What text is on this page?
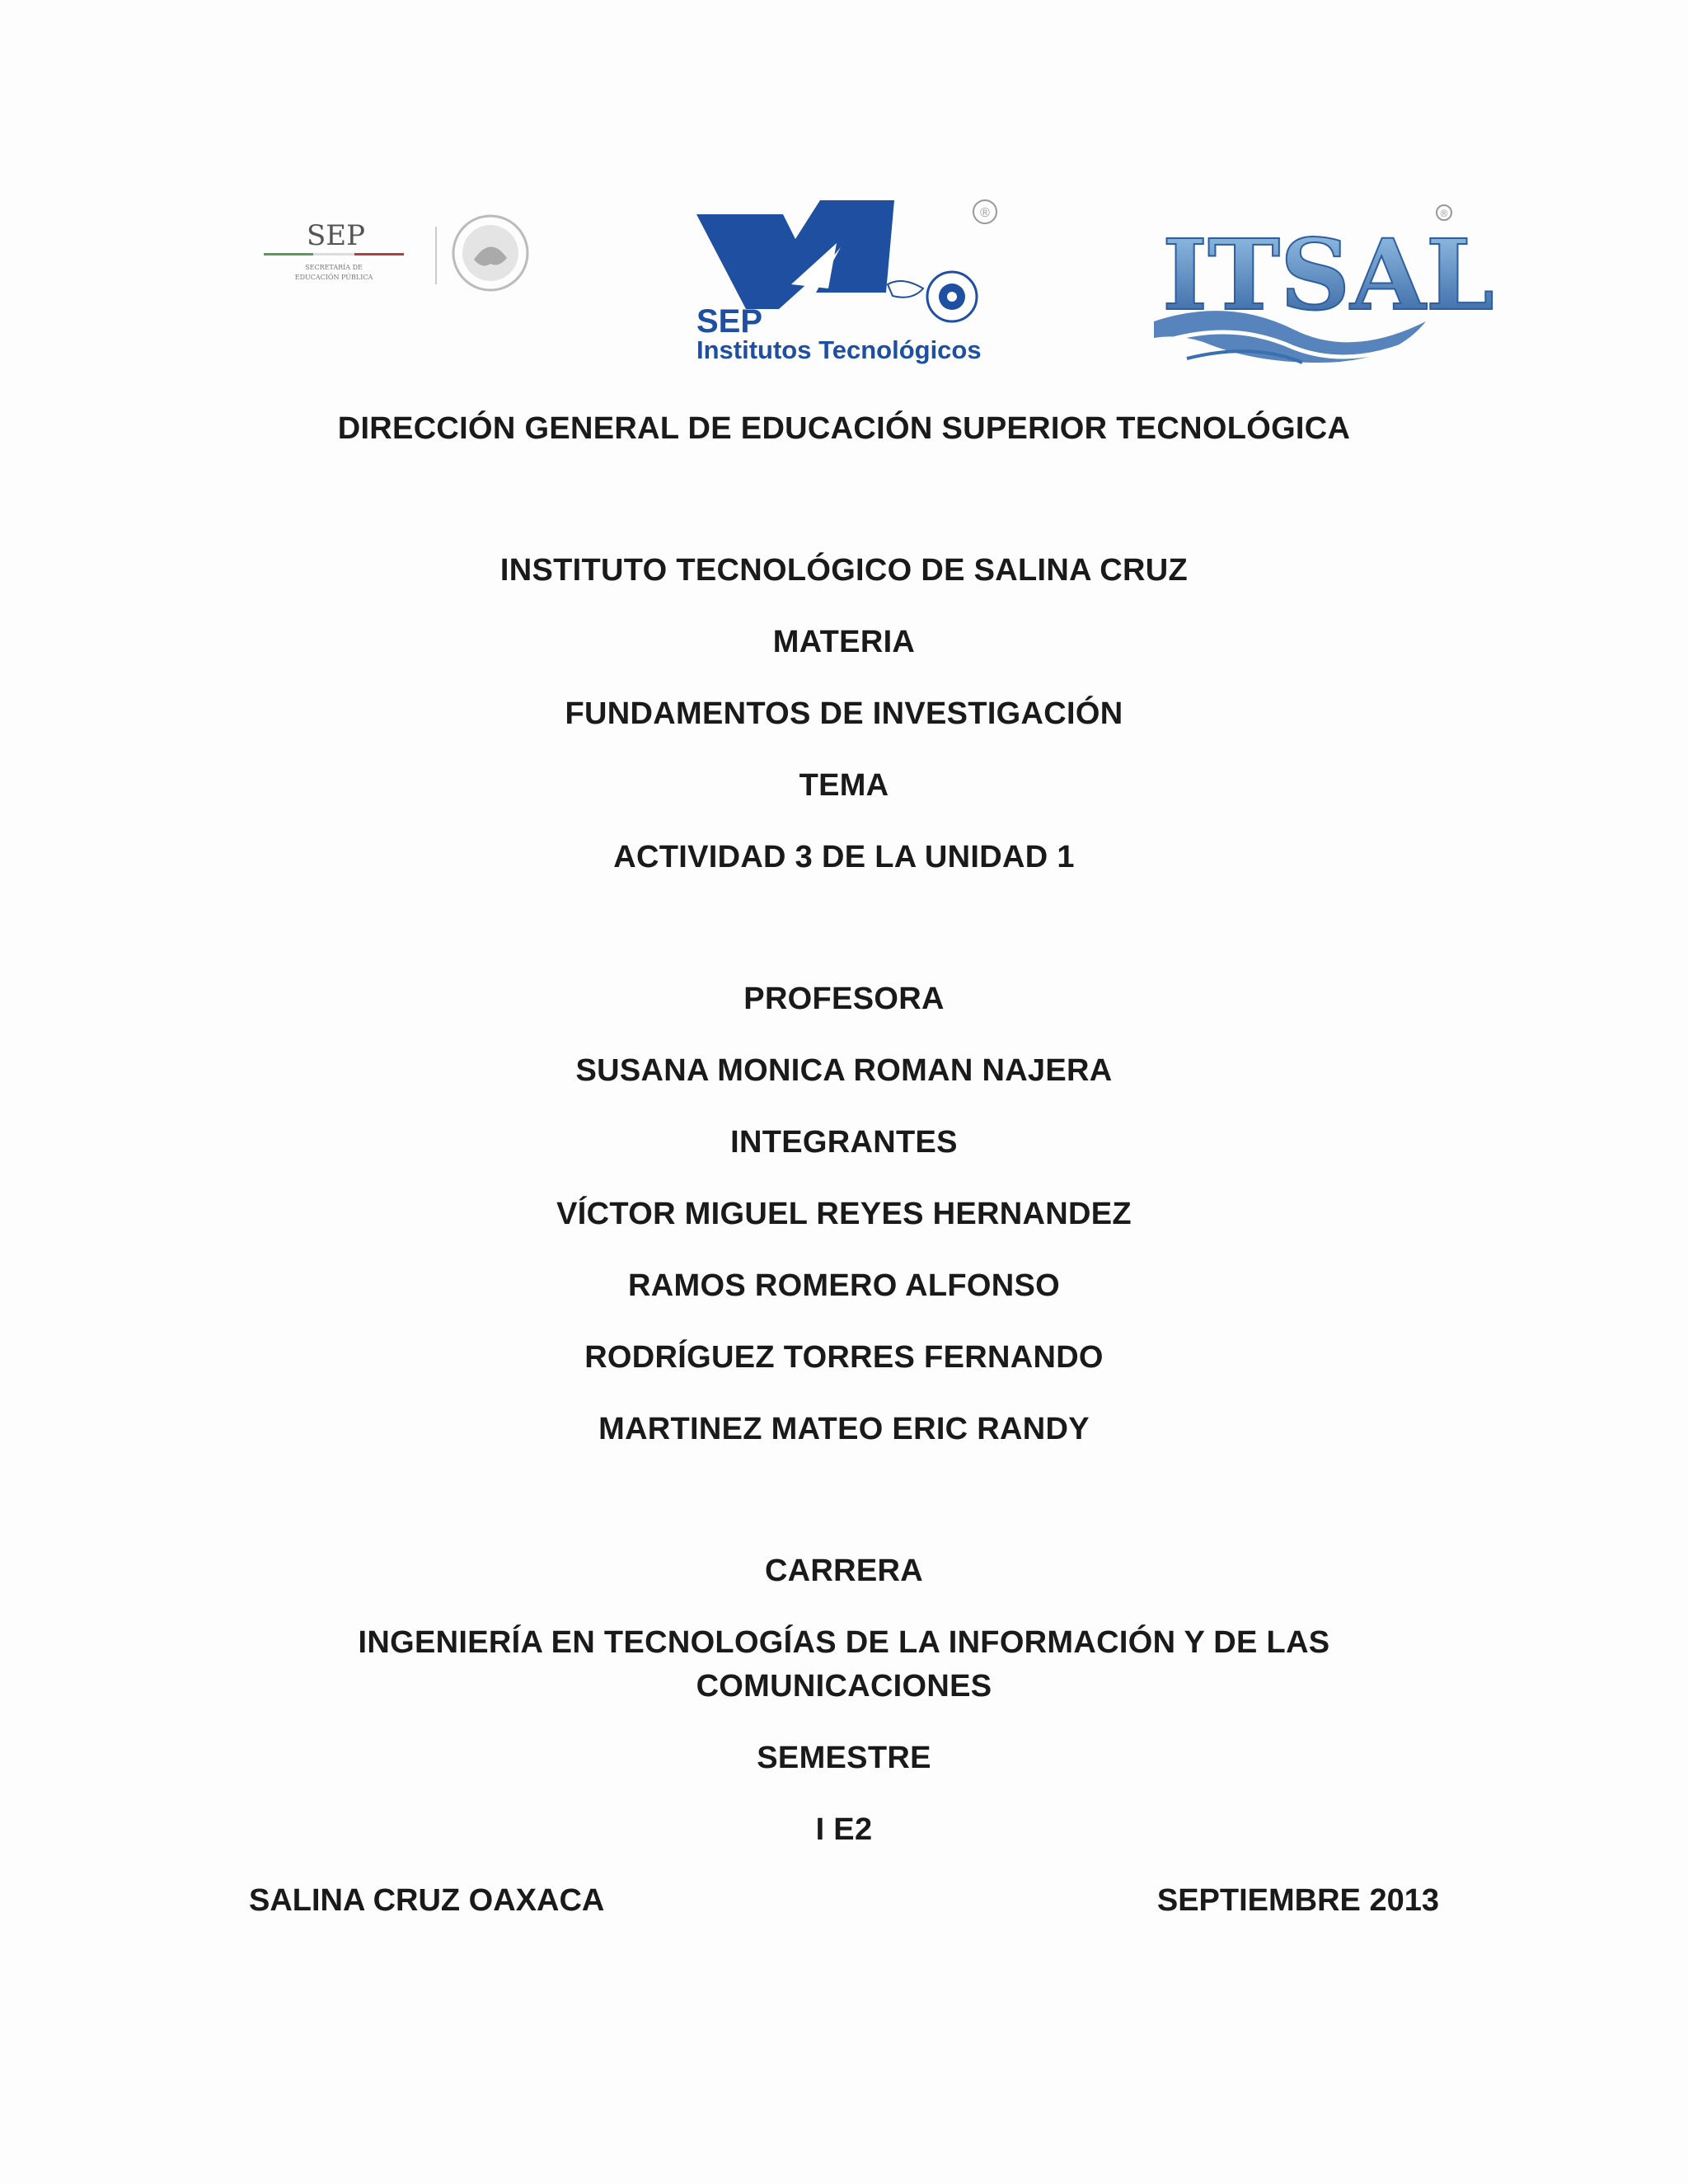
SEP
SECRETARÍA DE
EDUCACIÓN PÚBLICA
®
SEP
Institutos Tecnológicos
ITSAL
®
DIRECCIÓN GENERAL DE EDUCACIÓN SUPERIOR TECNOLÓGICA
INSTITUTO TECNOLÓGICO DE SALINA CRUZ
MATERIA
FUNDAMENTOS DE INVESTIGACIÓN
TEMA
ACTIVIDAD 3 DE LA UNIDAD 1
PROFESORA
SUSANA MONICA ROMAN NAJERA
INTEGRANTES
VÍCTOR MIGUEL REYES HERNANDEZ
RAMOS ROMERO ALFONSO
RODRÍGUEZ TORRES FERNANDO
MARTINEZ MATEO ERIC RANDY
CARRERA
INGENIERÍA EN TECNOLOGÍAS DE LA INFORMACIÓN Y DE LAS
COMUNICACIONES
SEMESTRE
I E2
SALINA CRUZ OAXACA	SEPTIEMBRE 2013
